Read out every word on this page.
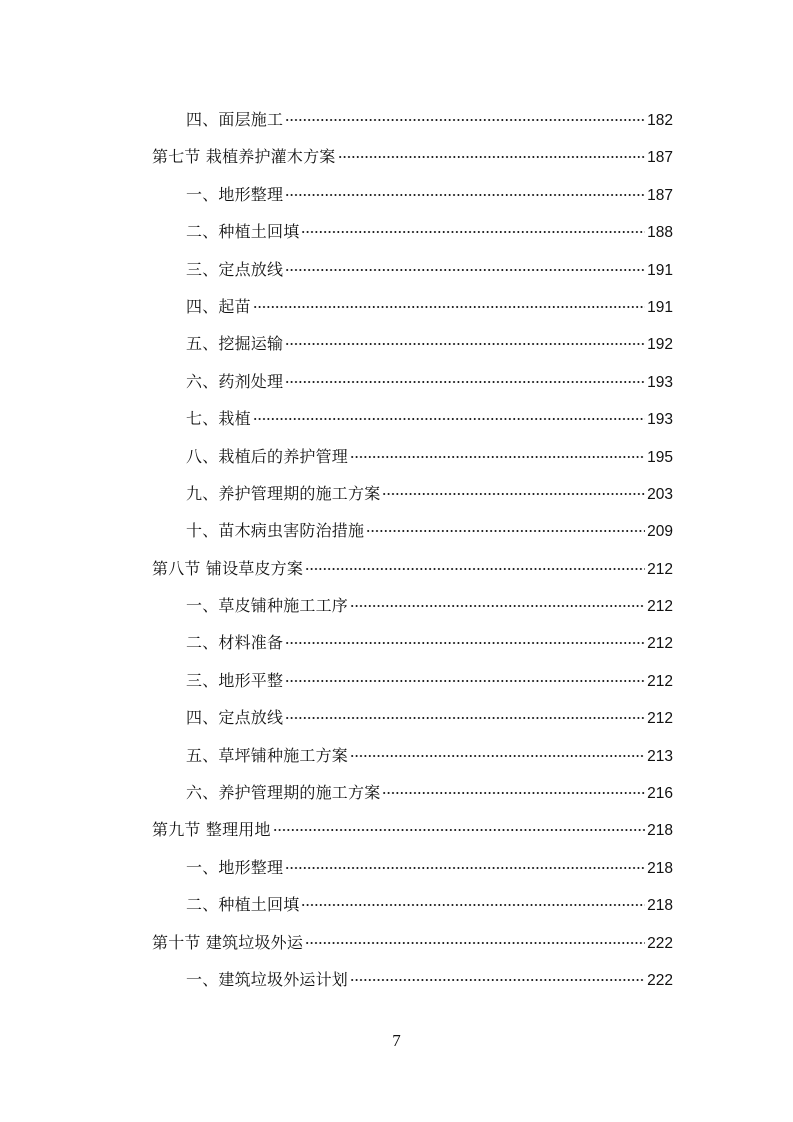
四、面层施工	182
第七节 栽植养护灌木方案	187
一、地形整理	187
二、种植土回填	188
三、定点放线	191
四、起苗	191
五、挖掘运输	192
六、药剂处理	193
七、栽植	193
八、栽植后的养护管理	195
九、养护管理期的施工方案	203
十、苗木病虫害防治措施	209
第八节 铺设草皮方案	212
一、草皮铺种施工工序	212
二、材料准备	212
三、地形平整	212
四、定点放线	212
五、草坪铺种施工方案	213
六、养护管理期的施工方案	216
第九节 整理用地	218
一、地形整理	218
二、种植土回填	218
第十节 建筑垃圾外运	222
一、建筑垃圾外运计划	222
7
